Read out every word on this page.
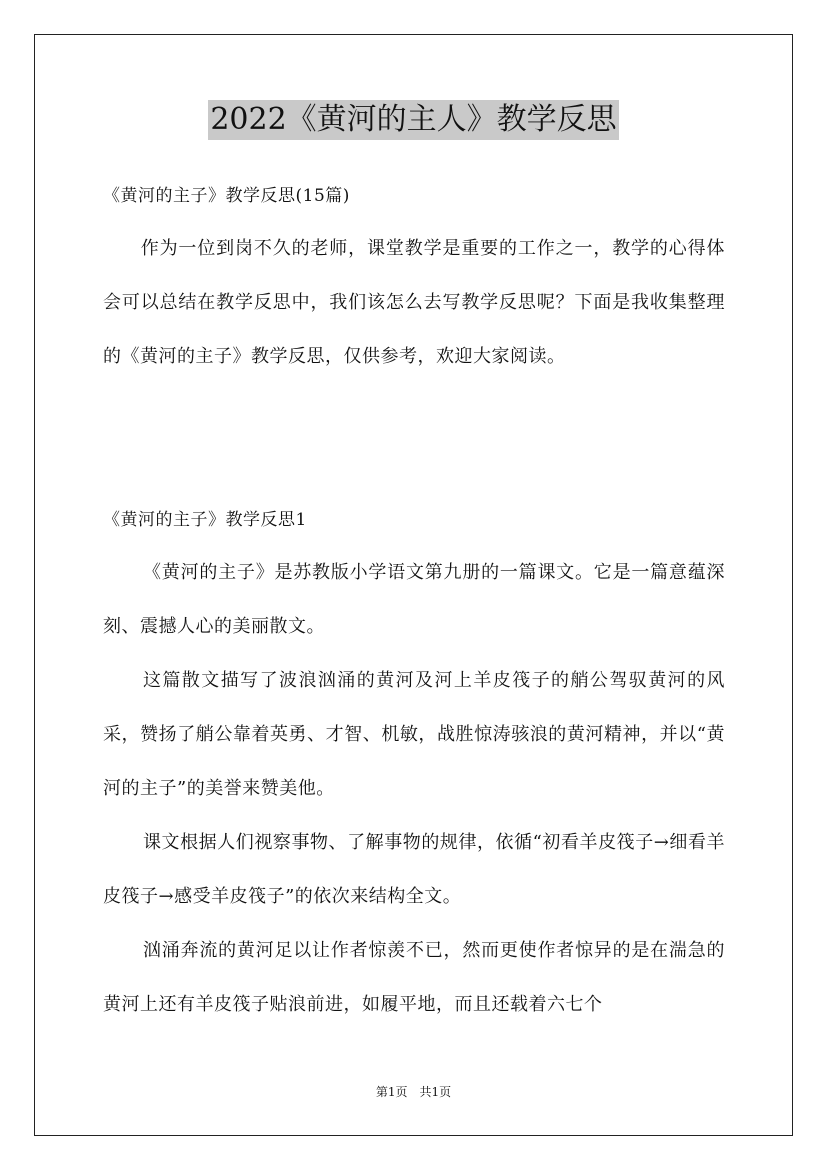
2022《黄河的主人》教学反思

《黄河的主子》教学反思(15篇)

　　作为一位到岗不久的老师，课堂教学是重要的工作之一，教学的心得体会可以总结在教学反思中，我们该怎么去写教学反思呢？下面是我收集整理的《黄河的主子》教学反思，仅供参考，欢迎大家阅读。

《黄河的主子》教学反思1

《黄河的主子》是苏教版小学语文第九册的一篇课文。它是一篇意蕴深刻、震撼人心的美丽散文。

这篇散文描写了波浪汹涌的黄河及河上羊皮筏子的艄公驾驭黄河的风采，赞扬了艄公靠着英勇、才智、机敏，战胜惊涛骇浪的黄河精神，并以“黄河的主子”的美誉来赞美他。

课文根据人们视察事物、了解事物的规律，依循“初看羊皮筏子→细看羊皮筏子→感受羊皮筏子”的依次来结构全文。

汹涌奔流的黄河足以让作者惊羡不已，然而更使作者惊异的是在湍急的黄河上还有羊皮筏子贴浪前进，如履平地，而且还载着六七个

第1页 共1页
